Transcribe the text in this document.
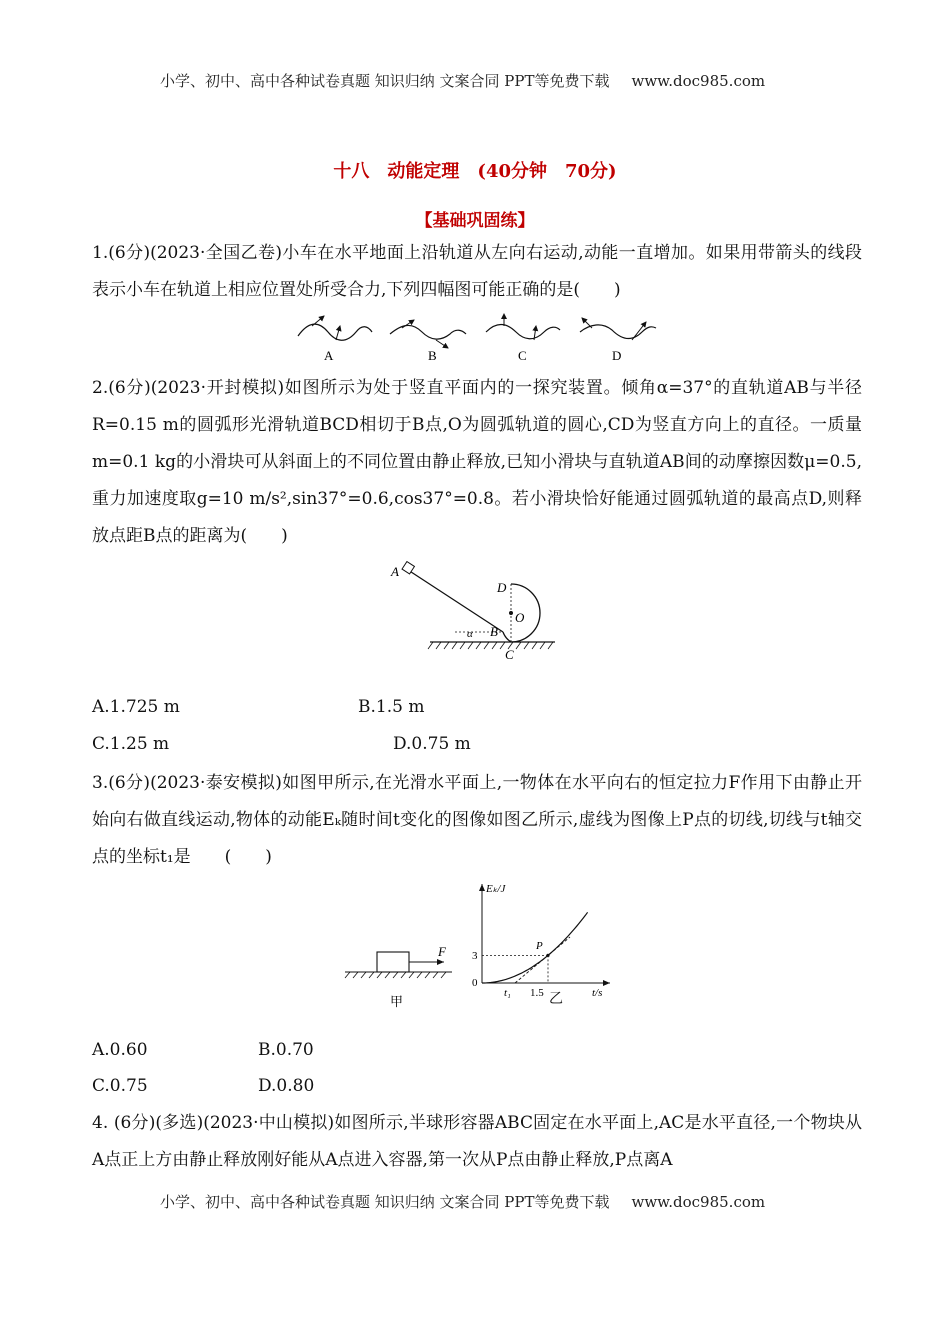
小学、初中、高中各种试卷真题 知识归纳 文案合同 PPT等免费下载 www.doc985.com
十八　动能定理　(40分钟　70分)
【基础巩固练】

1.(6分)(2023·全国乙卷)小车在水平地面上沿轨道从左向右运动,动能一直增加。如果用带箭头的线段表示小车在轨道上相应位置处所受合力,下列四幅图可能正确的是(　　)

A	B	C	D

2.(6分)(2023·开封模拟)如图所示为处于竖直平面内的一探究装置。倾角α=37°的直轨道AB与半径R=0.15 m的圆弧形光滑轨道BCD相切于B点,O为圆弧轨道的圆心,CD为竖直方向上的直径。一质量m=0.1 kg的小滑块可从斜面上的不同位置由静止释放,已知小滑块与直轨道AB间的动摩擦因数μ=0.5,重力加速度取g=10 m/s²,sin37°=0.6,cos37°=0.8。若小滑块恰好能通过圆弧轨道的最高点D,则释放点距B点的距离为(　　)

A
D
O
B
C
α
A.1.725 m	B.1.5 m
C.1.25 m	D.0.75 m

3.(6分)(2023·泰安模拟)如图甲所示,在光滑水平面上,一物体在水平向右的恒定拉力F作用下由静止开始向右做直线运动,物体的动能Eₖ随时间t变化的图像如图乙所示,虚线为图像上P点的切线,切线与t轴交点的坐标t₁是　　(　　)

F
甲
Eₖ/J
t/s
0
3
t₁ 1.5
P
乙
A.0.60	B.0.70
C.0.75	D.0.80

4. (6分)(多选)(2023·中山模拟)如图所示,半球形容器ABC固定在水平面上,AC是水平直径,一个物块从A点正上方由静止释放刚好能从A点进入容器,第一次从P点由静止释放,P点离A

小学、初中、高中各种试卷真题 知识归纳 文案合同 PPT等免费下载 www.doc985.com
